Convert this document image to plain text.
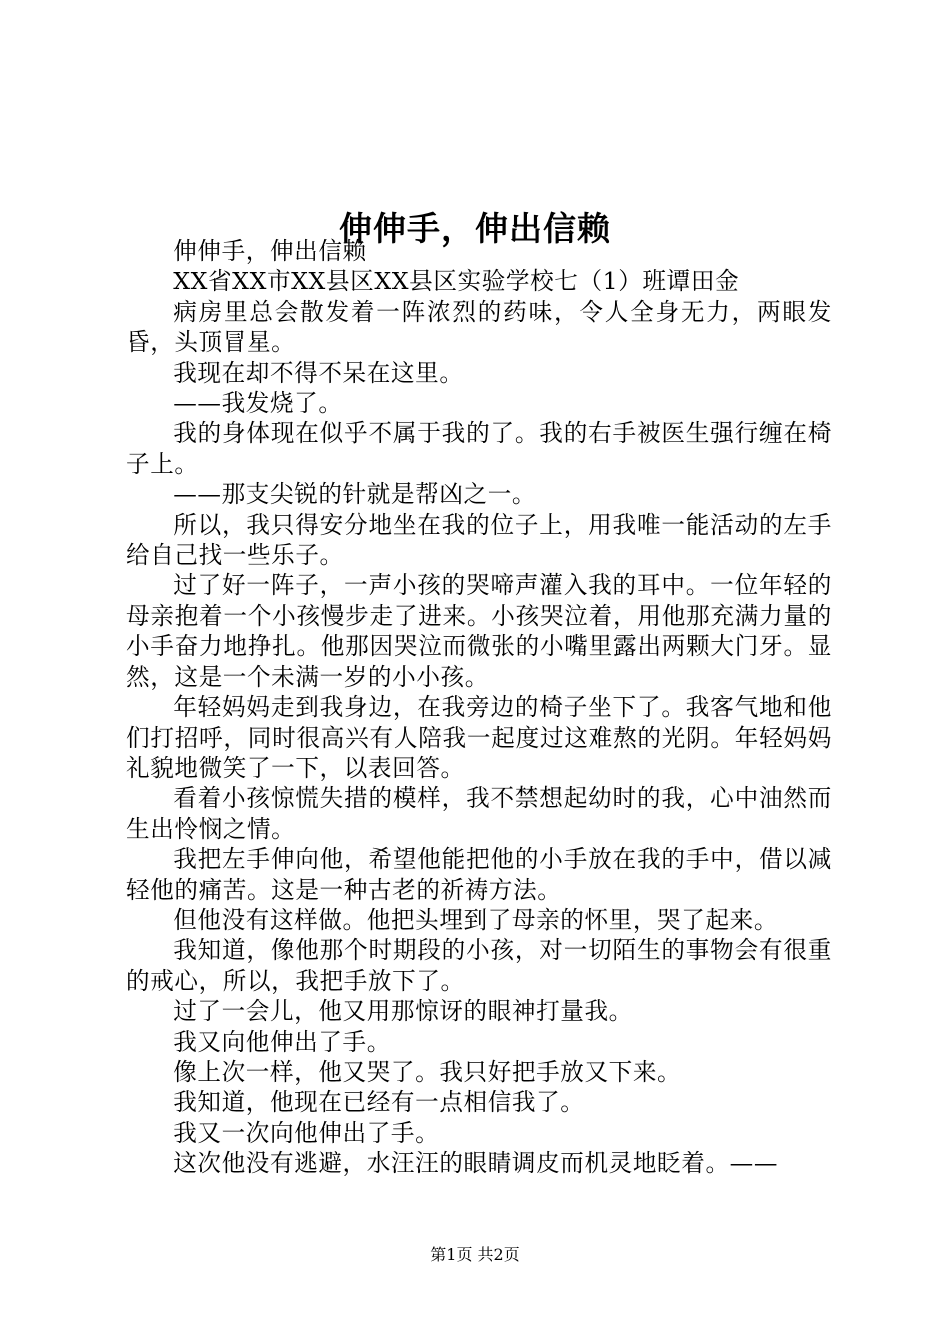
伸伸手，伸出信赖

伸伸手，伸出信赖

XX省XX市XX县区XX县区实验学校七（1）班谭田金

病房里总会散发着一阵浓烈的药味，令人全身无力，两眼发昏，头顶冒星。

我现在却不得不呆在这里。

——我发烧了。

我的身体现在似乎不属于我的了。我的右手被医生强行缠在椅子上。

——那支尖锐的针就是帮凶之一。

所以，我只得安分地坐在我的位子上，用我唯一能活动的左手给自己找一些乐子。

过了好一阵子，一声小孩的哭啼声灌入我的耳中。一位年轻的母亲抱着一个小孩慢步走了进来。小孩哭泣着，用他那充满力量的小手奋力地挣扎。他那因哭泣而微张的小嘴里露出两颗大门牙。显然，这是一个未满一岁的小小孩。

年轻妈妈走到我身边，在我旁边的椅子坐下了。我客气地和他们打招呼，同时很高兴有人陪我一起度过这难熬的光阴。年轻妈妈礼貌地微笑了一下，以表回答。

看着小孩惊慌失措的模样，我不禁想起幼时的我，心中油然而生出怜悯之情。

我把左手伸向他，希望他能把他的小手放在我的手中，借以减轻他的痛苦。这是一种古老的祈祷方法。

但他没有这样做。他把头埋到了母亲的怀里，哭了起来。

我知道，像他那个时期段的小孩，对一切陌生的事物会有很重的戒心，所以，我把手放下了。

过了一会儿，他又用那惊讶的眼神打量我。

我又向他伸出了手。

像上次一样，他又哭了。我只好把手放又下来。

我知道，他现在已经有一点相信我了。

我又一次向他伸出了手。

这次他没有逃避，水汪汪的眼睛调皮而机灵地眨着。——

第1页 共2页
